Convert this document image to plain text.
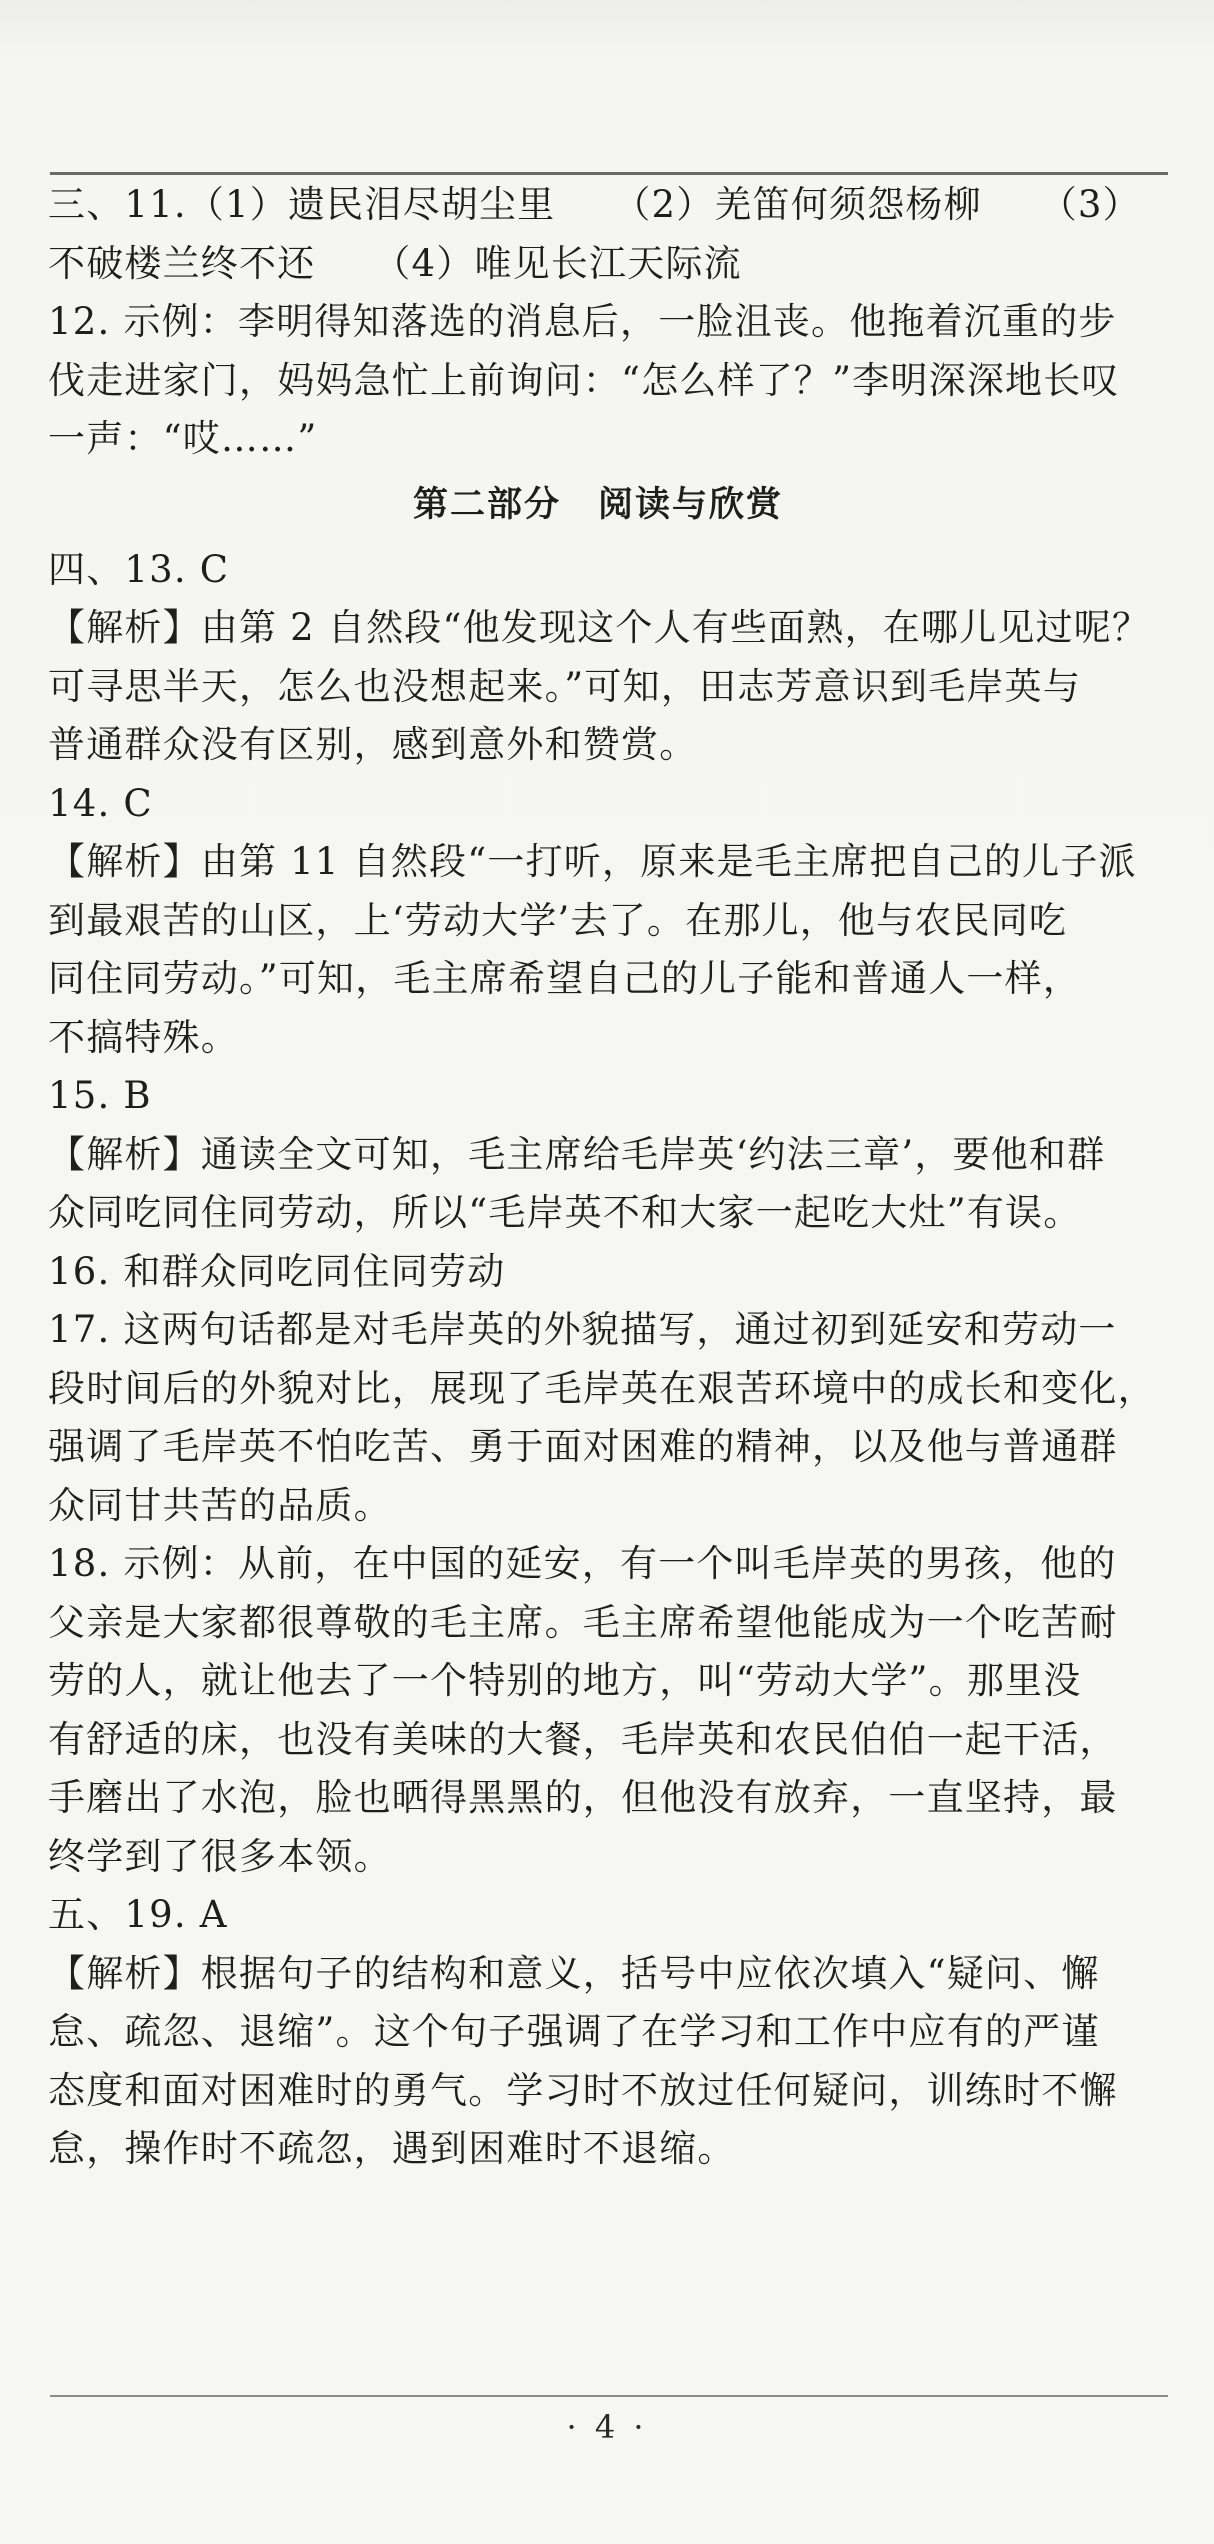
三、11.（1）遗民泪尽胡尘里　　（2）羌笛何须怨杨柳　　（3）
不破楼兰终不还　　（4）唯见长江天际流
12. 示例：李明得知落选的消息后，一脸沮丧。他拖着沉重的步
伐走进家门，妈妈急忙上前询问：“怎么样了？”李明深深地长叹
一声：“哎……”
第二部分　阅读与欣赏
四、13. C
【解析】由第 2 自然段“他发现这个人有些面熟，在哪儿见过呢？
可寻思半天，怎么也没想起来。”可知，田志芳意识到毛岸英与
普通群众没有区别，感到意外和赞赏。
14. C
【解析】由第 11 自然段“一打听，原来是毛主席把自己的儿子派
到最艰苦的山区，上‘劳动大学’去了。在那儿，他与农民同吃
同住同劳动。”可知，毛主席希望自己的儿子能和普通人一样，
不搞特殊。
15. B
【解析】通读全文可知，毛主席给毛岸英‘约法三章’，要他和群
众同吃同住同劳动，所以“毛岸英不和大家一起吃大灶”有误。
16. 和群众同吃同住同劳动
17. 这两句话都是对毛岸英的外貌描写，通过初到延安和劳动一
段时间后的外貌对比，展现了毛岸英在艰苦环境中的成长和变化，
强调了毛岸英不怕吃苦、勇于面对困难的精神，以及他与普通群
众同甘共苦的品质。
18. 示例：从前，在中国的延安，有一个叫毛岸英的男孩，他的
父亲是大家都很尊敬的毛主席。毛主席希望他能成为一个吃苦耐
劳的人，就让他去了一个特别的地方，叫“劳动大学”。那里没
有舒适的床，也没有美味的大餐，毛岸英和农民伯伯一起干活，
手磨出了水泡，脸也晒得黑黑的，但他没有放弃，一直坚持，最
终学到了很多本领。
五、19. A
【解析】根据句子的结构和意义，括号中应依次填入“疑问、懈
怠、疏忽、退缩”。这个句子强调了在学习和工作中应有的严谨
态度和面对困难时的勇气。学习时不放过任何疑问，训练时不懈
怠，操作时不疏忽，遇到困难时不退缩。
· 4 ·
